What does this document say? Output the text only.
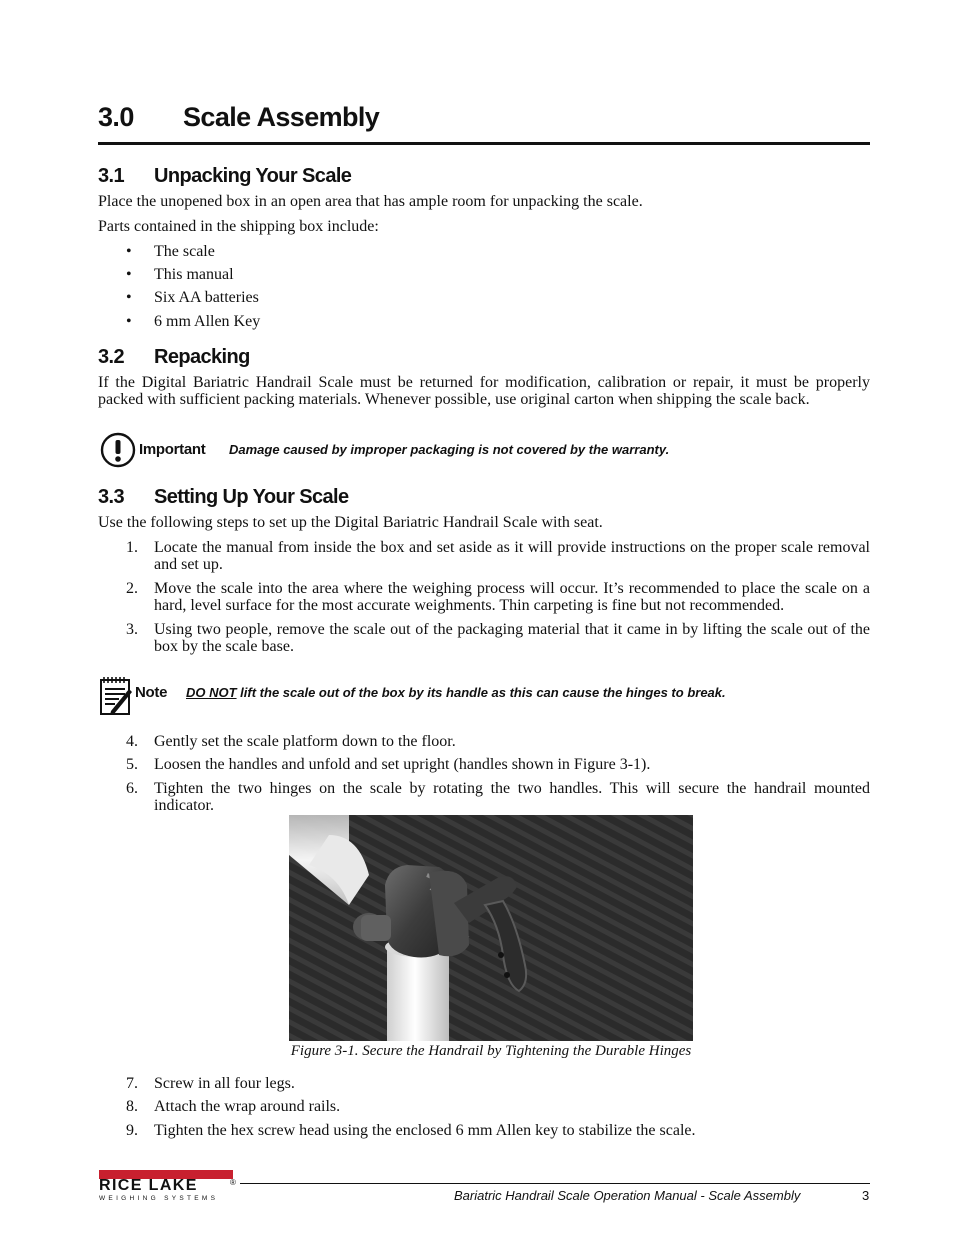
3.0 Scale Assembly
3.1 Unpacking Your Scale
Place the unopened box in an open area that has ample room for unpacking the scale.
Parts contained in the shipping box include:
• The scale
• This manual
• Six AA batteries
• 6 mm Allen Key
3.2 Repacking
If the Digital Bariatric Handrail Scale must be returned for modification, calibration or repair, it must be properly packed with sufficient packing materials. Whenever possible, use original carton when shipping the scale back.
Important Damage caused by improper packaging is not covered by the warranty.
3.3 Setting Up Your Scale
Use the following steps to set up the Digital Bariatric Handrail Scale with seat.
1. Locate the manual from inside the box and set aside as it will provide instructions on the proper scale removal and set up.
2. Move the scale into the area where the weighing process will occur. It’s recommended to place the scale on a hard, level surface for the most accurate weighments. Thin carpeting is fine but not recommended.
3. Using two people, remove the scale out of the packaging material that it came in by lifting the scale out of the box by the scale base.
Note DO NOT lift the scale out of the box by its handle as this can cause the hinges to break.
4. Gently set the scale platform down to the floor.
5. Loosen the handles and unfold and set upright (handles shown in Figure 3-1).
6. Tighten the two hinges on the scale by rotating the two handles. This will secure the handrail mounted indicator.
Figure 3-1. Secure the Handrail by Tightening the Durable Hinges
7. Screw in all four legs.
8. Attach the wrap around rails.
9. Tighten the hex screw head using the enclosed 6 mm Allen key to stabilize the scale.
RICE LAKE	®
WEIGHING SYSTEMS	Bariatric Handrail Scale Operation Manual - Scale Assembly	3
